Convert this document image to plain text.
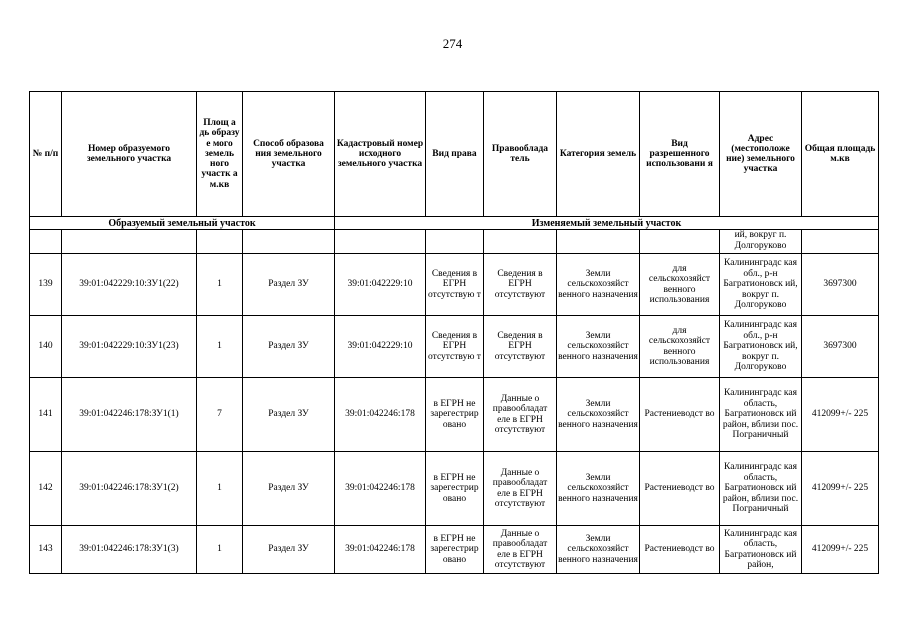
274
№ п/п	Номер образуемого земельного участка	Площ а дь образу е мого земель ного участк а м.кв	Способ образова ния земельного участка	Кадастровый номер исходного земельного участка	Вид права	Правооблада тель	Категория земель	Вид разрешенного использовани я	Адрес (местоположе ние) земельного участка	Общая площадь м.кв
Образуемый земельный участок				Изменяемый земельный участок						
									ий, вокруг п. Долгоруково	
139	39:01:042229:10:ЗУ1(22)	1	Раздел ЗУ	39:01:042229:10	Сведения в ЕГРН отсутствую т	Сведения в ЕГРН отсутствуют	Земли сельскохозяйст венного назначения	для сельскохозяйст венного использования	Калининградс кая обл., р-н Багратионовск ий, вокруг п. Долгоруково	3697300
140	39:01:042229:10:ЗУ1(23)	1	Раздел ЗУ	39:01:042229:10	Сведения в ЕГРН отсутствую т	Сведения в ЕГРН отсутствуют	Земли сельскохозяйст венного назначения	для сельскохозяйст венного использования	Калининградс кая обл., р-н Багратионовск ий, вокруг п. Долгоруково	3697300
141	39:01:042246:178:ЗУ1(1)	7	Раздел ЗУ	39:01:042246:178	в ЕГРН не зарегестрир овано	Данные о правообладат еле в ЕГРН отсутствуют	Земли сельскохозяйст венного назначения	Растениеводст во	Калининградс кая область, Багратионовск ий район, вблизи пос. Пограничный	412099+/- 225
142	39:01:042246:178:ЗУ1(2)	1	Раздел ЗУ	39:01:042246:178	в ЕГРН не зарегестрир овано	Данные о правообладат еле в ЕГРН отсутствуют	Земли сельскохозяйст венного назначения	Растениеводст во	Калининградс кая область, Багратионовск ий район, вблизи пос. Пограничный	412099+/- 225
143	39:01:042246:178:ЗУ1(3)	1	Раздел ЗУ	39:01:042246:178	в ЕГРН не зарегестрир овано	Данные о правообладат еле в ЕГРН отсутствуют	Земли сельскохозяйст венного назначения	Растениеводст во	Калининградс кая область, Багратионовск ий район,	412099+/- 225
